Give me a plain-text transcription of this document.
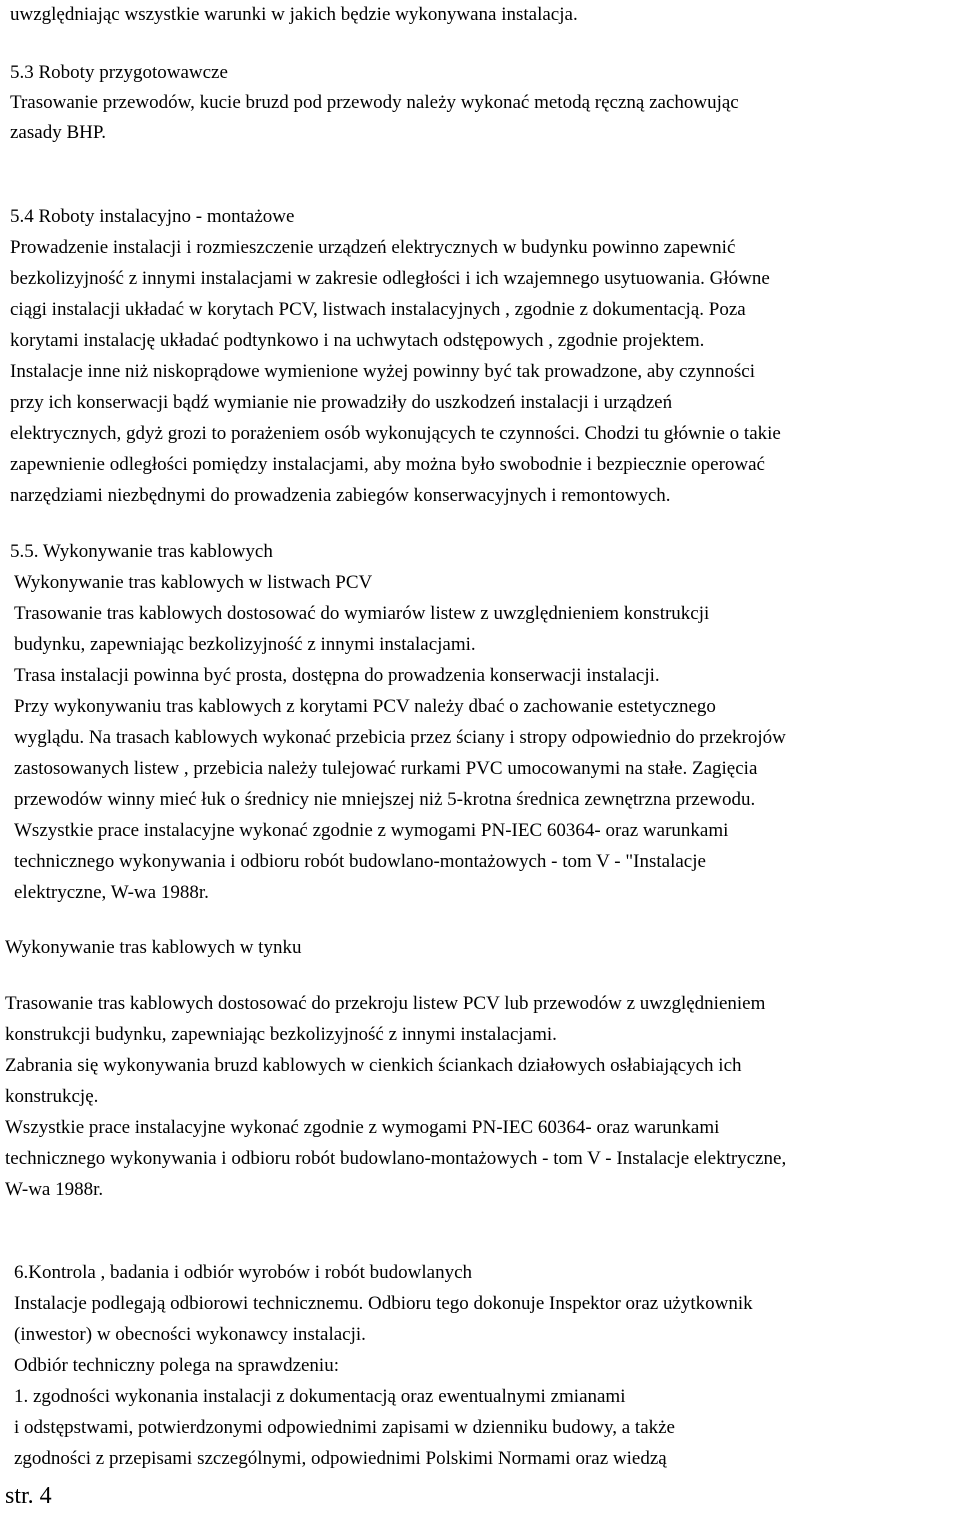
uwzględniając wszystkie warunki w jakich będzie wykonywana instalacja.

5.3 Roboty przygotowawcze

Trasowanie przewodów, kucie bruzd pod przewody należy wykonać metodą ręczną zachowując

zasady BHP.

5.4 Roboty instalacyjno - montażowe

Prowadzenie instalacji i rozmieszczenie urządzeń elektrycznych w budynku powinno zapewnić

bezkolizyjność z innymi instalacjami w zakresie odległości i ich wzajemnego usytuowania. Główne

ciągi instalacji układać w korytach PCV, listwach instalacyjnych , zgodnie z dokumentacją. Poza

korytami instalację układać podtynkowo i na uchwytach odstępowych , zgodnie projektem.

Instalacje inne niż niskoprądowe wymienione wyżej powinny być tak prowadzone, aby czynności

przy ich konserwacji bądź wymianie nie prowadziły do uszkodzeń instalacji i urządzeń

elektrycznych, gdyż grozi to porażeniem osób wykonujących te czynności. Chodzi tu głównie o takie

zapewnienie odległości pomiędzy instalacjami, aby można było swobodnie i bezpiecznie operować

narzędziami niezbędnymi do prowadzenia zabiegów konserwacyjnych i remontowych.

5.5. Wykonywanie tras kablowych

Wykonywanie tras kablowych w listwach PCV

Trasowanie tras kablowych dostosować do wymiarów listew z uwzględnieniem konstrukcji

budynku, zapewniając bezkolizyjność z innymi instalacjami.

Trasa instalacji powinna być prosta, dostępna do prowadzenia konserwacji instalacji.

Przy wykonywaniu tras kablowych z korytami PCV należy dbać o zachowanie estetycznego

wyglądu. Na trasach kablowych wykonać przebicia przez ściany i stropy odpowiednio do przekrojów

zastosowanych listew , przebicia należy tulejować rurkami PVC umocowanymi na stałe. Zagięcia

przewodów winny mieć łuk o średnicy nie mniejszej niż 5-krotna średnica zewnętrzna przewodu.

Wszystkie prace instalacyjne wykonać zgodnie z wymogami PN-IEC 60364- oraz warunkami

technicznego wykonywania i odbioru robót budowlano-montażowych - tom V - "Instalacje

elektryczne, W-wa 1988r.

Wykonywanie tras kablowych w tynku

Trasowanie tras kablowych dostosować do przekroju listew PCV lub przewodów z uwzględnieniem

konstrukcji budynku, zapewniając bezkolizyjność z innymi instalacjami.

Zabrania się wykonywania bruzd kablowych w cienkich ściankach działowych osłabiających ich

konstrukcję.

Wszystkie prace instalacyjne wykonać zgodnie z wymogami PN-IEC 60364- oraz warunkami

technicznego wykonywania i odbioru robót budowlano-montażowych - tom V - Instalacje elektryczne,

W-wa 1988r.

6.Kontrola , badania i odbiór wyrobów i robót budowlanych

Instalacje podlegają odbiorowi technicznemu. Odbioru tego dokonuje Inspektor oraz użytkownik

(inwestor) w obecności wykonawcy instalacji.

Odbiór techniczny polega na sprawdzeniu:

1. zgodności wykonania instalacji z dokumentacją oraz ewentualnymi zmianami

i odstępstwami, potwierdzonymi odpowiednimi zapisami w dzienniku budowy, a także

zgodności z przepisami szczególnymi, odpowiednimi Polskimi Normami oraz wiedzą

str. 4
